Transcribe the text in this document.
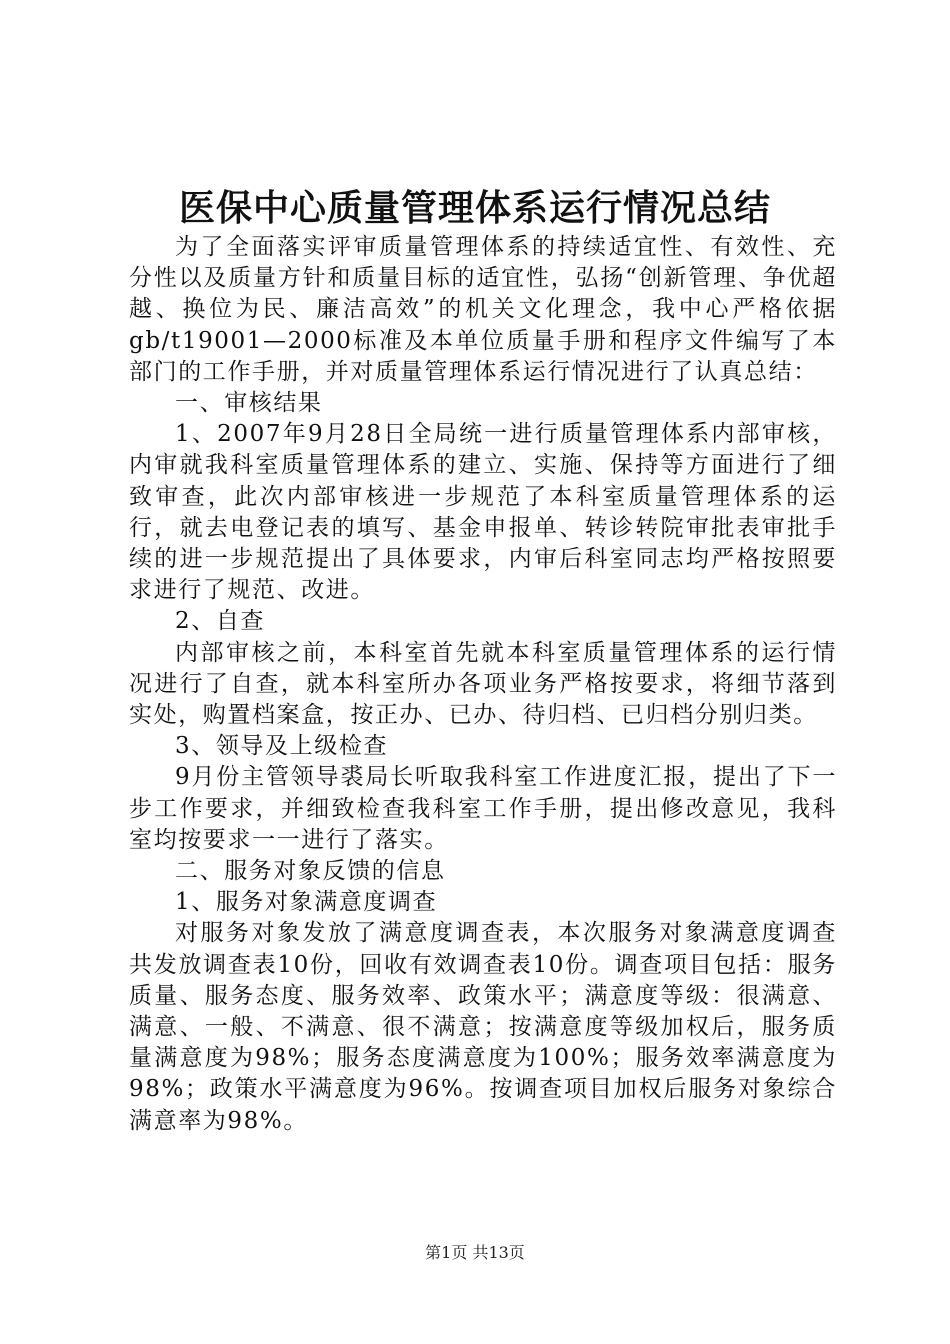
医保中心质量管理体系运行情况总结

为了全面落实评审质量管理体系的持续适宜性、有效性、充分性以及质量方针和质量目标的适宜性，弘扬“创新管理、争优超越、换位为民、廉洁高效”的机关文化理念，我中心严格依据gb/t19001—2000标准及本单位质量手册和程序文件编写了本部门的工作手册，并对质量管理体系运行情况进行了认真总结：

一、审核结果

1、2007年9月28日全局统一进行质量管理体系内部审核，内审就我科室质量管理体系的建立、实施、保持等方面进行了细致审查，此次内部审核进一步规范了本科室质量管理体系的运行，就去电登记表的填写、基金申报单、转诊转院审批表审批手续的进一步规范提出了具体要求，内审后科室同志均严格按照要求进行了规范、改进。

2、自查

内部审核之前，本科室首先就本科室质量管理体系的运行情况进行了自查，就本科室所办各项业务严格按要求，将细节落到实处，购置档案盒，按正办、已办、待归档、已归档分别归类。

3、领导及上级检查

9月份主管领导裘局长听取我科室工作进度汇报，提出了下一步工作要求，并细致检查我科室工作手册，提出修改意见，我科室均按要求一一进行了落实。

二、服务对象反馈的信息

1、服务对象满意度调查

对服务对象发放了满意度调查表，本次服务对象满意度调查共发放调查表10份，回收有效调查表10份。调查项目包括：服务质量、服务态度、服务效率、政策水平；满意度等级：很满意、满意、一般、不满意、很不满意；按满意度等级加权后，服务质量满意度为98%；服务态度满意度为100%；服务效率满意度为98%；政策水平满意度为96%。按调查项目加权后服务对象综合满意率为98%。

第1页 共13页
